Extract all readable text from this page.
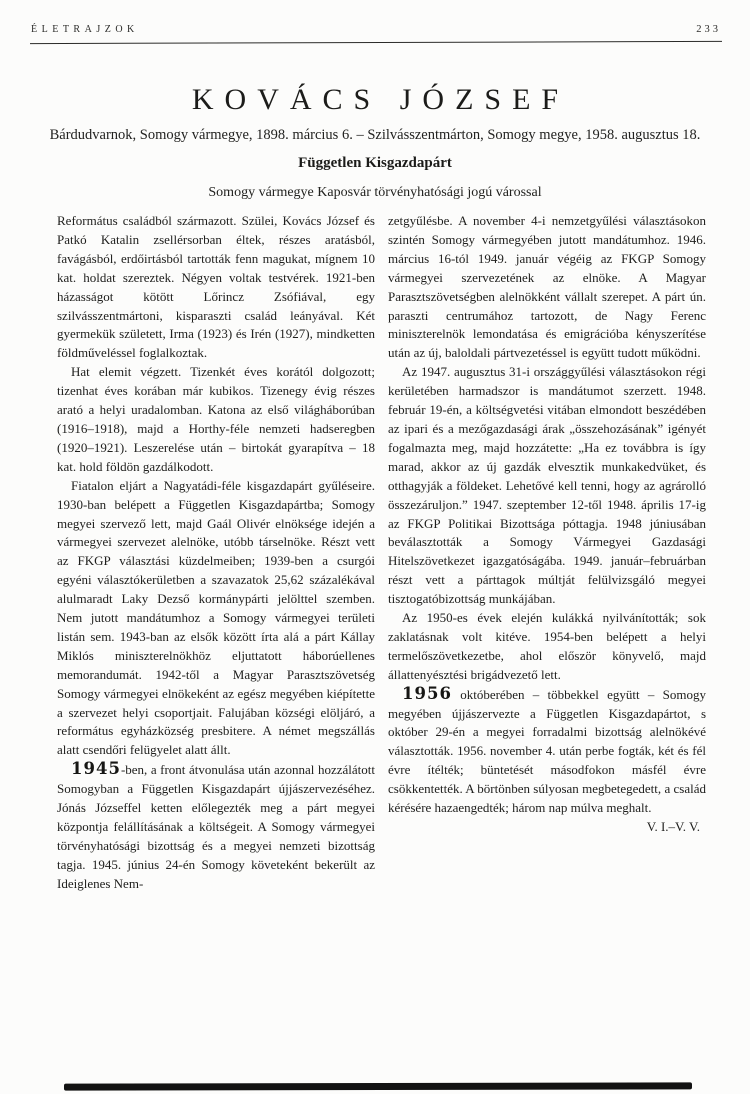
ÉLETRAJZOK	233
KOVÁCS JÓZSEF
Bárdudvarnok, Somogy vármegye, 1898. március 6. – Szilvásszentmárton, Somogy megye, 1958. augusztus 18.
Független Kisgazdapárt
Somogy vármegye Kaposvár törvényhatósági jogú várossal

Református családból származott. Szülei, Kovács József és Patkó Katalin zsellérsorban éltek, részes aratásból, favágásból, erdőirtásból tartották fenn magukat, mígnem 10 kat. holdat szereztek. Négyen voltak testvérek. 1921-ben házasságot kötött Lőrincz Zsófiával, egy szilvásszentmártoni, kisparaszti család leányával. Két gyermekük született, Irma (1923) és Irén (1927), mindketten földműveléssel foglalkoztak.

Hat elemit végzett. Tizenkét éves korától dolgozott; tizenhat éves korában már kubikos. Tizenegy évig részes arató a helyi uradalomban. Katona az első világháborúban (1916–1918), majd a Horthy-féle nemzeti hadseregben (1920–1921). Leszerelése után – birtokát gyarapítva – 18 kat. hold földön gazdálkodott.

Fiatalon eljárt a Nagyatádi-féle kisgazdapárt gyűléseire. 1930-ban belépett a Független Kisgazdapártba; Somogy megyei szervező lett, majd Gaál Olivér elnöksége idején a vármegyei szervezet alelnöke, utóbb társelnöke. Részt vett az FKGP választási küzdelmeiben; 1939-ben a csurgói egyéni választókerületben a szavazatok 25,62 százalékával alulmaradt Laky Dezső kormánypárti jelölttel szemben. Nem jutott mandátumhoz a Somogy vármegyei területi listán sem. 1943-ban az elsők között írta alá a párt Kállay Miklós miniszterelnökhöz eljuttatott háborúellenes memorandumát. 1942-től a Magyar Parasztszövetség Somogy vármegyei elnökeként az egész megyében kiépítette a szervezet helyi csoportjait. Falujában községi elöljáró, a református egyházközség presbitere. A német megszállás alatt csendőri felügyelet alatt állt.

1945-ben, a front átvonulása után azonnal hozzálátott Somogyban a Független Kisgazdapárt újjászervezéséhez. Jónás Józseffel ketten előlegezték meg a párt megyei központja felállításának a költségeit. A Somogy vármegyei törvényhatósági bizottság és a megyei nemzeti bizottság tagja. 1945. június 24-én Somogy követeként bekerült az Ideiglenes Nem-

zetgyűlésbe. A november 4-i nemzetgyűlési választásokon szintén Somogy vármegyében jutott mandátumhoz. 1946. március 16-tól 1949. január végéig az FKGP Somogy vármegyei szervezetének az elnöke. A Magyar Parasztszövetségben alelnökként vállalt szerepet. A párt ún. paraszti centrumához tartozott, de Nagy Ferenc miniszterelnök lemondatása és emigrációba kényszerítése után az új, baloldali pártvezetéssel is együtt tudott működni.

Az 1947. augusztus 31-i országgyűlési választásokon régi kerületében harmadszor is mandátumot szerzett. 1948. február 19-én, a költségvetési vitában elmondott beszédében az ipari és a mezőgazdasági árak „összehozásának” igényét fogalmazta meg, majd hozzátette: „Ha ez továbbra is így marad, akkor az új gazdák elvesztik munkakedvüket, és otthagyják a földeket. Lehetővé kell tenni, hogy az agrárolló összezáruljon.” 1947. szeptember 12-től 1948. április 17-ig az FKGP Politikai Bizottsága póttagja. 1948 júniusában beválasztották a Somogy Vármegyei Gazdasági Hitelszövetkezet igazgatóságába. 1949. január–februárban részt vett a párttagok múltját felülvizsgáló megyei tisztogatóbizottság munkájában.

Az 1950-es évek elején kulákká nyilvánították; sok zaklatásnak volt kitéve. 1954-ben belépett a helyi termelőszövetkezetbe, ahol először könyvelő, majd állattenyésztési brigádvezető lett.

1956 októberében – többekkel együtt – Somogy megyében újjászervezte a Független Kisgazdapártot, s október 29-én a megyei forradalmi bizottság alelnökévé választották. 1956. november 4. után perbe fogták, két és fél évre ítélték; büntetését másodfokon másfél évre csökkentették. A börtönben súlyosan megbetegedett, a család kérésére hazaengedték; három nap múlva meghalt.

V. I.–V. V.
